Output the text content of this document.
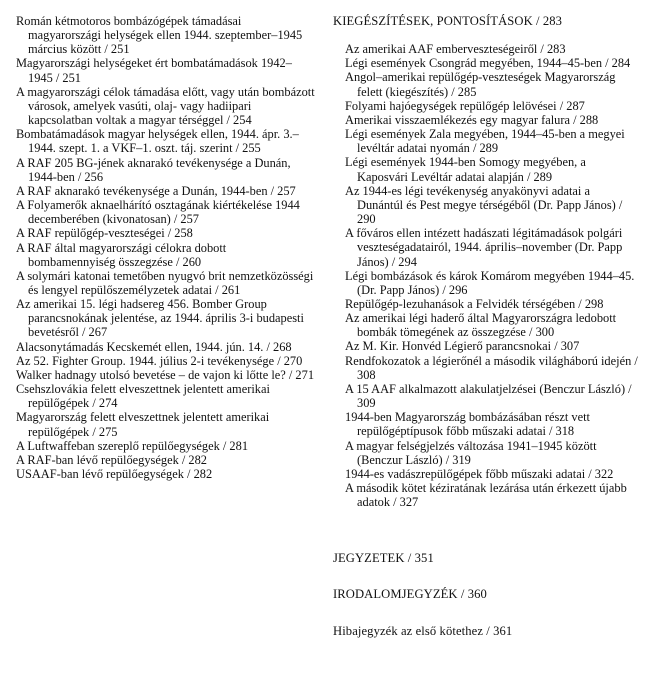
Román kétmotoros bombázógépek támadásai magyarországi helységek ellen 1944. szeptember–1945 március között / 251

Magyarországi helységeket ért bombatámadások 1942–1945 / 251

A magyarországi célok támadása előtt, vagy után bombázott városok, amelyek vasúti, olaj- vagy hadiipari kapcsolatban voltak a magyar térséggel / 254

Bombatámadások magyar helységek ellen, 1944. ápr. 3.–1944. szept. 1. a VKF–1. oszt. táj. szerint / 255

A RAF 205 BG-jének aknarakó tevékenysége a Dunán, 1944-ben / 256

A RAF aknarakó tevékenysége a Dunán, 1944-ben / 257

A Folyamerők aknaelhárító osztagának kiértékelése 1944 decemberében (kivonatosan) / 257

A RAF repülőgép-veszteségei / 258

A RAF által magyarországi célokra dobott bombamennyiség összegzése / 260

A solymári katonai temetőben nyugvó brit nemzetközösségi és lengyel repülőszemélyzetek adatai / 261

Az amerikai 15. légi hadsereg 456. Bomber Group parancsnokának jelentése, az 1944. április 3-i budapesti bevetésről / 267

Alacsonytámadás Kecskemét ellen, 1944. jún. 14. / 268

Az 52. Fighter Group. 1944. július 2-i tevékenysége / 270

Walker hadnagy utolsó bevetése – de vajon ki lőtte le? / 271

Csehszlovákia felett elveszettnek jelentett amerikai repülőgépek / 274

Magyarország felett elveszettnek jelentett amerikai repülőgépek / 275

A Luftwaffeban szereplő repülőegységek / 281

A RAF-ban lévő repülőegységek / 282

USAAF-ban lévő repülőegységek / 282

KIEGÉSZÍTÉSEK, PONTOSÍTÁSOK / 283

Az amerikai AAF emberveszteségeiről / 283

Légi események Csongrád megyében, 1944–45-ben / 284

Angol–amerikai repülőgép-veszteségek Magyarország felett (kiegészítés) / 285

Folyami hajóegységek repülőgép lelövései / 287

Amerikai visszaemlékezés egy magyar falura / 288

Légi események Zala megyében, 1944–45-ben a megyei levéltár adatai nyomán / 289

Légi események 1944-ben Somogy megyében, a Kaposvári Levéltár adatai alapján / 289

Az 1944-es légi tevékenység anyakönyvi adatai a Dunántúl és Pest megye térségéből (Dr. Papp János) / 290

A főváros ellen intézett hadászati légitámadások polgári veszteségadatairól, 1944. április–november (Dr. Papp János) / 294

Légi bombázások és károk Komárom megyében 1944–45. (Dr. Papp János) / 296

Repülőgép-lezuhanások a Felvidék térségében / 298

Az amerikai légi haderő által Magyarországra ledobott bombák tömegének az összegzése / 300

Az M. Kir. Honvéd Légierő parancsnokai / 307

Rendfokozatok a légierőnél a második világháború idején / 308

A 15 AAF alkalmazott alakulatjelzései (Benczur László) / 309

1944-ben Magyarország bombázásában részt vett repülőgéptípusok főbb műszaki adatai / 318

A magyar felségjelzés változása 1941–1945 között (Benczur László) / 319

1944-es vadászrepülőgépek főbb műszaki adatai / 322

A második kötet kéziratának lezárása után érkezett újabb adatok / 327

JEGYZETEK / 351

IRODALOMJEGYZÉK / 360

Hibajegyzék az első kötethez / 361
